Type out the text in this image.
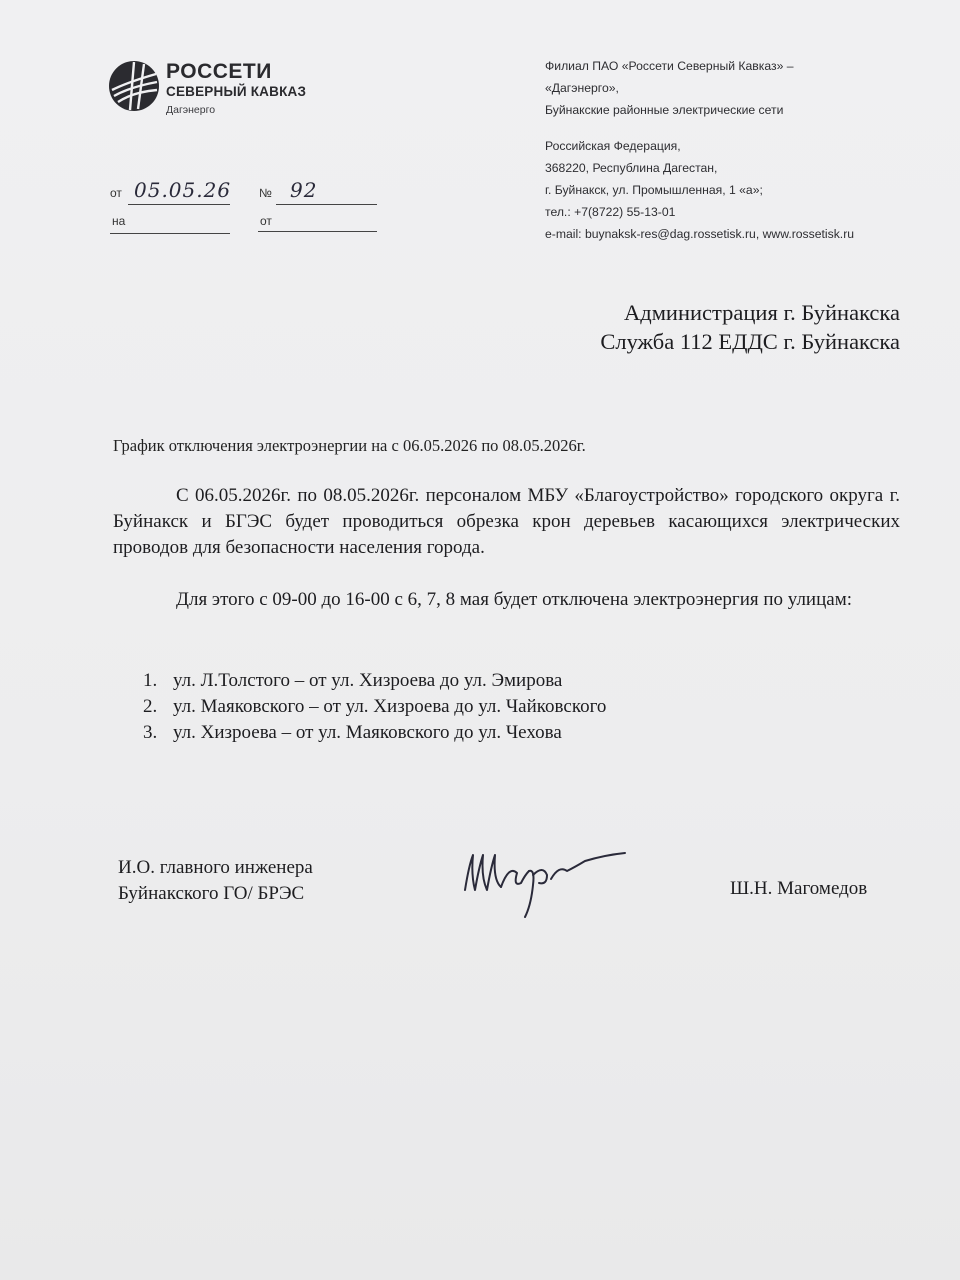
РОССЕТИ
СЕВЕРНЫЙ КАВКАЗ
Дагэнерго
Филиал ПАО «Россети Северный Кавказ» –
«Дагэнерго»,
Буйнакские районные электрические сети
Российская Федерация,
368220, Республина Дагестан,
г. Буйнакск, ул. Промышленная, 1 «а»;
тел.: +7(8722) 55-13-01
e-mail: buynaksk-res@dag.rossetisk.ru, www.rossetisk.ru
от 05.05.26 № 92
на	от
Администрация г. Буйнакска
Служба 112 ЕДДС г. Буйнакска
График отключения электроэнергии на с 06.05.2026 по 08.05.2026г.
С 06.05.2026г. по 08.05.2026г. персоналом МБУ «Благоустройство» городского округа г. Буйнакск и БГЭС будет проводиться обрезка крон деревьев касающихся электрических проводов для безопасности населения города.
Для этого с 09-00 до 16-00 с 6, 7, 8 мая будет отключена электроэнергия по улицам:
1. ул. Л.Толстого – от ул. Хизроева до ул. Эмирова
2. ул. Маяковского – от ул. Хизроева до ул. Чайковского
3. ул. Хизроева – от ул. Маяковского до ул. Чехова
И.О. главного инженера
Буйнакского ГО/ БРЭС	Ш.Н. Магомедов
